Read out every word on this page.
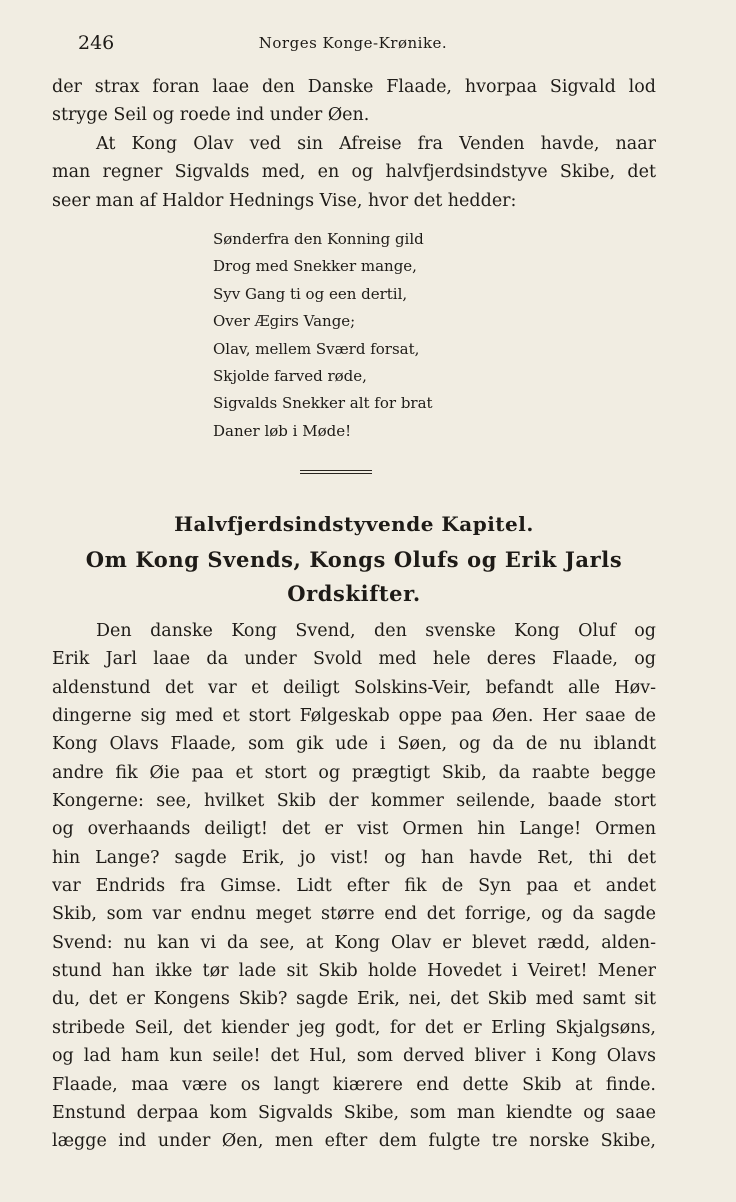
246	Norges Konge-Krønike.
der strax foran laae den Danske Flaade, hvorpaa Sigvald lod
stryge Seil og roede ind under Øen.
At Kong Olav ved sin Afreise fra Venden havde, naar
man regner Sigvalds med, en og halvfjerdsindstyve Skibe, det
seer man af Haldor Hednings Vise, hvor det hedder:
Sønderfra den Konning gild
Drog med Snekker mange,
Syv Gang ti og een dertil,
Over Ægirs Vange;
Olav, mellem Sværd forsat,
Skjolde farved røde,
Sigvalds Snekker alt for brat
Daner løb i Møde!
Halvfjerdsindstyvende Kapitel.
Om Kong Svends, Kongs Olufs og Erik Jarls
Ordskifter.
Den danske Kong Svend, den svenske Kong Oluf og
Erik Jarl laae da under Svold med hele deres Flaade, og
aldenstund det var et deiligt Solskins-Veir, befandt alle Høv-
dingerne sig med et stort Følgeskab oppe paa Øen. Her saae de
Kong Olavs Flaade, som gik ude i Søen, og da de nu iblandt
andre fik Øie paa et stort og prægtigt Skib, da raabte begge
Kongerne: see, hvilket Skib der kommer seilende, baade stort
og overhaands deiligt! det er vist Ormen hin Lange! Ormen
hin Lange? sagde Erik, jo vist! og han havde Ret, thi det
var Endrids fra Gimse. Lidt efter fik de Syn paa et andet
Skib, som var endnu meget større end det forrige, og da sagde
Svend: nu kan vi da see, at Kong Olav er blevet rædd, alden-
stund han ikke tør lade sit Skib holde Hovedet i Veiret! Mener
du, det er Kongens Skib? sagde Erik, nei, det Skib med samt sit
stribede Seil, det kiender jeg godt, for det er Erling Skjalgsøns,
og lad ham kun seile! det Hul, som derved bliver i Kong Olavs
Flaade, maa være os langt kiærere end dette Skib at finde.
Enstund derpaa kom Sigvalds Skibe, som man kiendte og saae
lægge ind under Øen, men efter dem fulgte tre norske Skibe,
